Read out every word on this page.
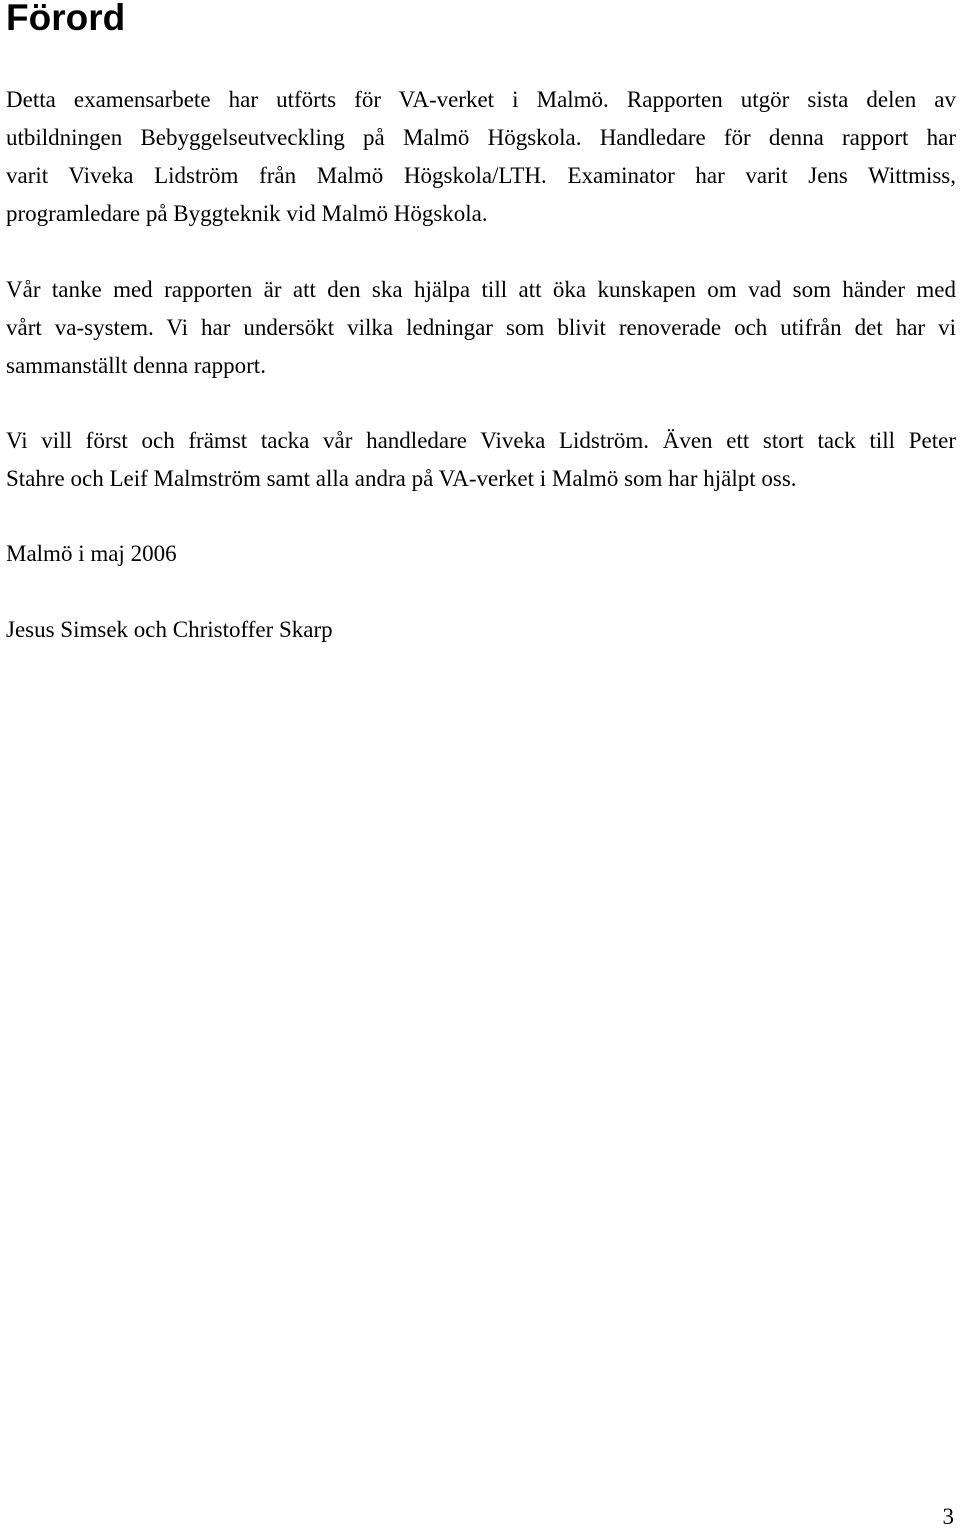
Förord

Detta examensarbete har utförts för VA-verket i Malmö. Rapporten utgör sista delen av
utbildningen Bebyggelseutveckling på Malmö Högskola. Handledare för denna rapport har
varit Viveka Lidström från Malmö Högskola/LTH. Examinator har varit Jens Wittmiss,
programledare på Byggteknik vid Malmö Högskola.

Vår tanke med rapporten är att den ska hjälpa till att öka kunskapen om vad som händer med
vårt va-system. Vi har undersökt vilka ledningar som blivit renoverade och utifrån det har vi
sammanställt denna rapport.

Vi vill först och främst tacka vår handledare Viveka Lidström. Även ett stort tack till Peter
Stahre och Leif Malmström samt alla andra på VA-verket i Malmö som har hjälpt oss.

Malmö i maj 2006

Jesus Simsek och Christoffer Skarp

3
